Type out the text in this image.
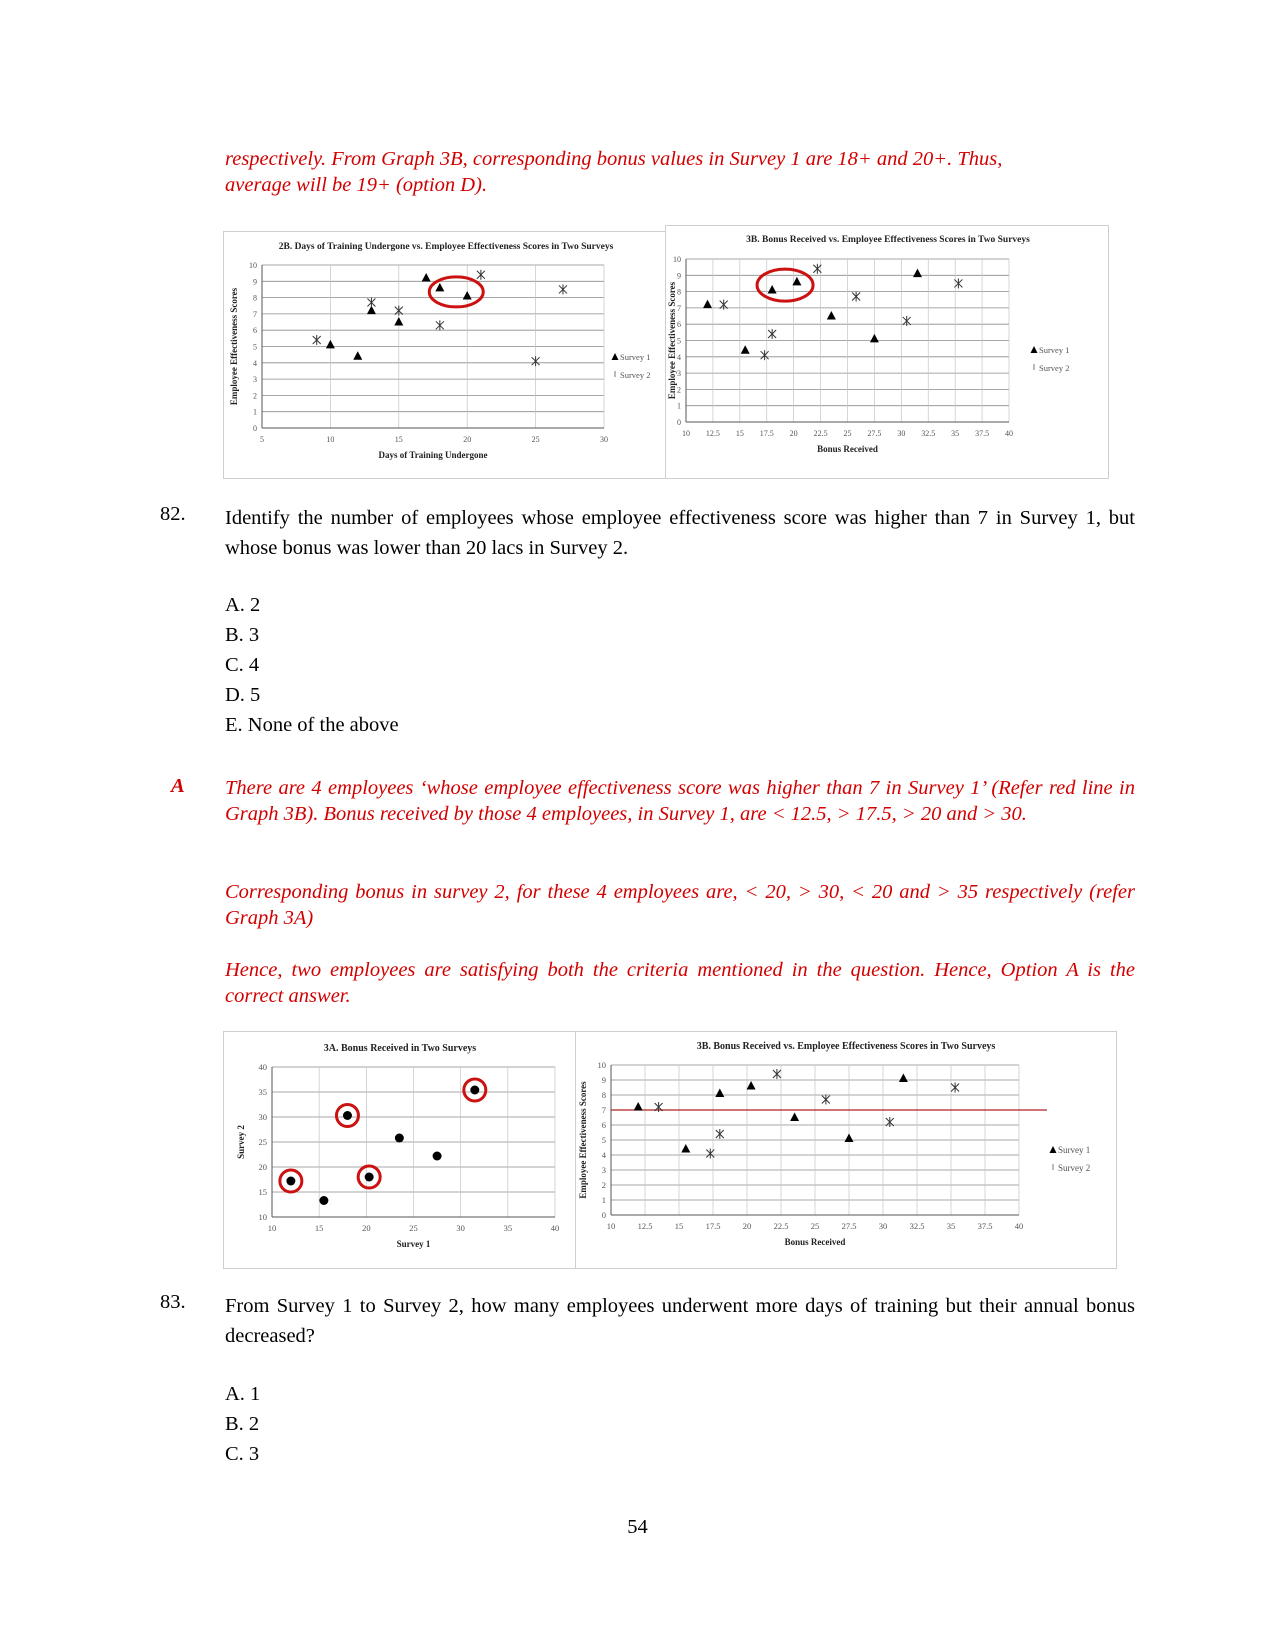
respectively. From Graph 3B, corresponding bonus values in Survey 1 are 18+ and 20+. Thus,
average will be 19+ (option D).
2B. Days of Training Undergone vs. Employee Effectiveness Scores in Two Surveys
0
1
2
3
4
5
6
7
8
9
10
5	10	15	20	25	30
Days of Training Undergone
Employee Effectiveness Scores	Survey 1
Survey 2
3B. Bonus Received vs. Employee Effectiveness Scores in Two Surveys
0
1
2
3
4
5
6
7
8
9
10
10 12.5 15 17.5 20 22.5 25 27.5 30 32.5 35 37.5 40
Bonus Received
Employee Effectiveness Scores	Survey 1
Survey 2
82. Identify the number of employees whose employee effectiveness score was higher than 7 in Survey 1, but whose bonus was lower than 20 lacs in Survey 2.
A. 2
B. 3
C. 4
D. 5
E. None of the above
A There are 4 employees ‘whose employee effectiveness score was higher than 7 in Survey 1’ (Refer red line in Graph 3B). Bonus received by those 4 employees, in Survey 1, are < 12.5, > 17.5, > 20 and > 30.
Corresponding bonus in survey 2, for these 4 employees are, < 20, > 30, < 20 and > 35 respectively (refer Graph 3A)
Hence, two employees are satisfying both the criteria mentioned in the question. Hence, Option A is the correct answer.
3A. Bonus Received in Two Surveys
10
15
20
25
30
35
40
10	15	20	25	30	35	40
Survey 1
Survey 2
3B. Bonus Received vs. Employee Effectiveness Scores in Two Surveys
0
1
2
3
4
5
6
7
8
9
10
10	12.5	15	17.5	20	22.5	25	27.5	30	32.5	35	37.5	40
Bonus Received
Employee Effectiveness Scores	Survey 1
Survey 2
83. From Survey 1 to Survey 2, how many employees underwent more days of training but their annual bonus decreased?
A. 1
B. 2
C. 3
54
